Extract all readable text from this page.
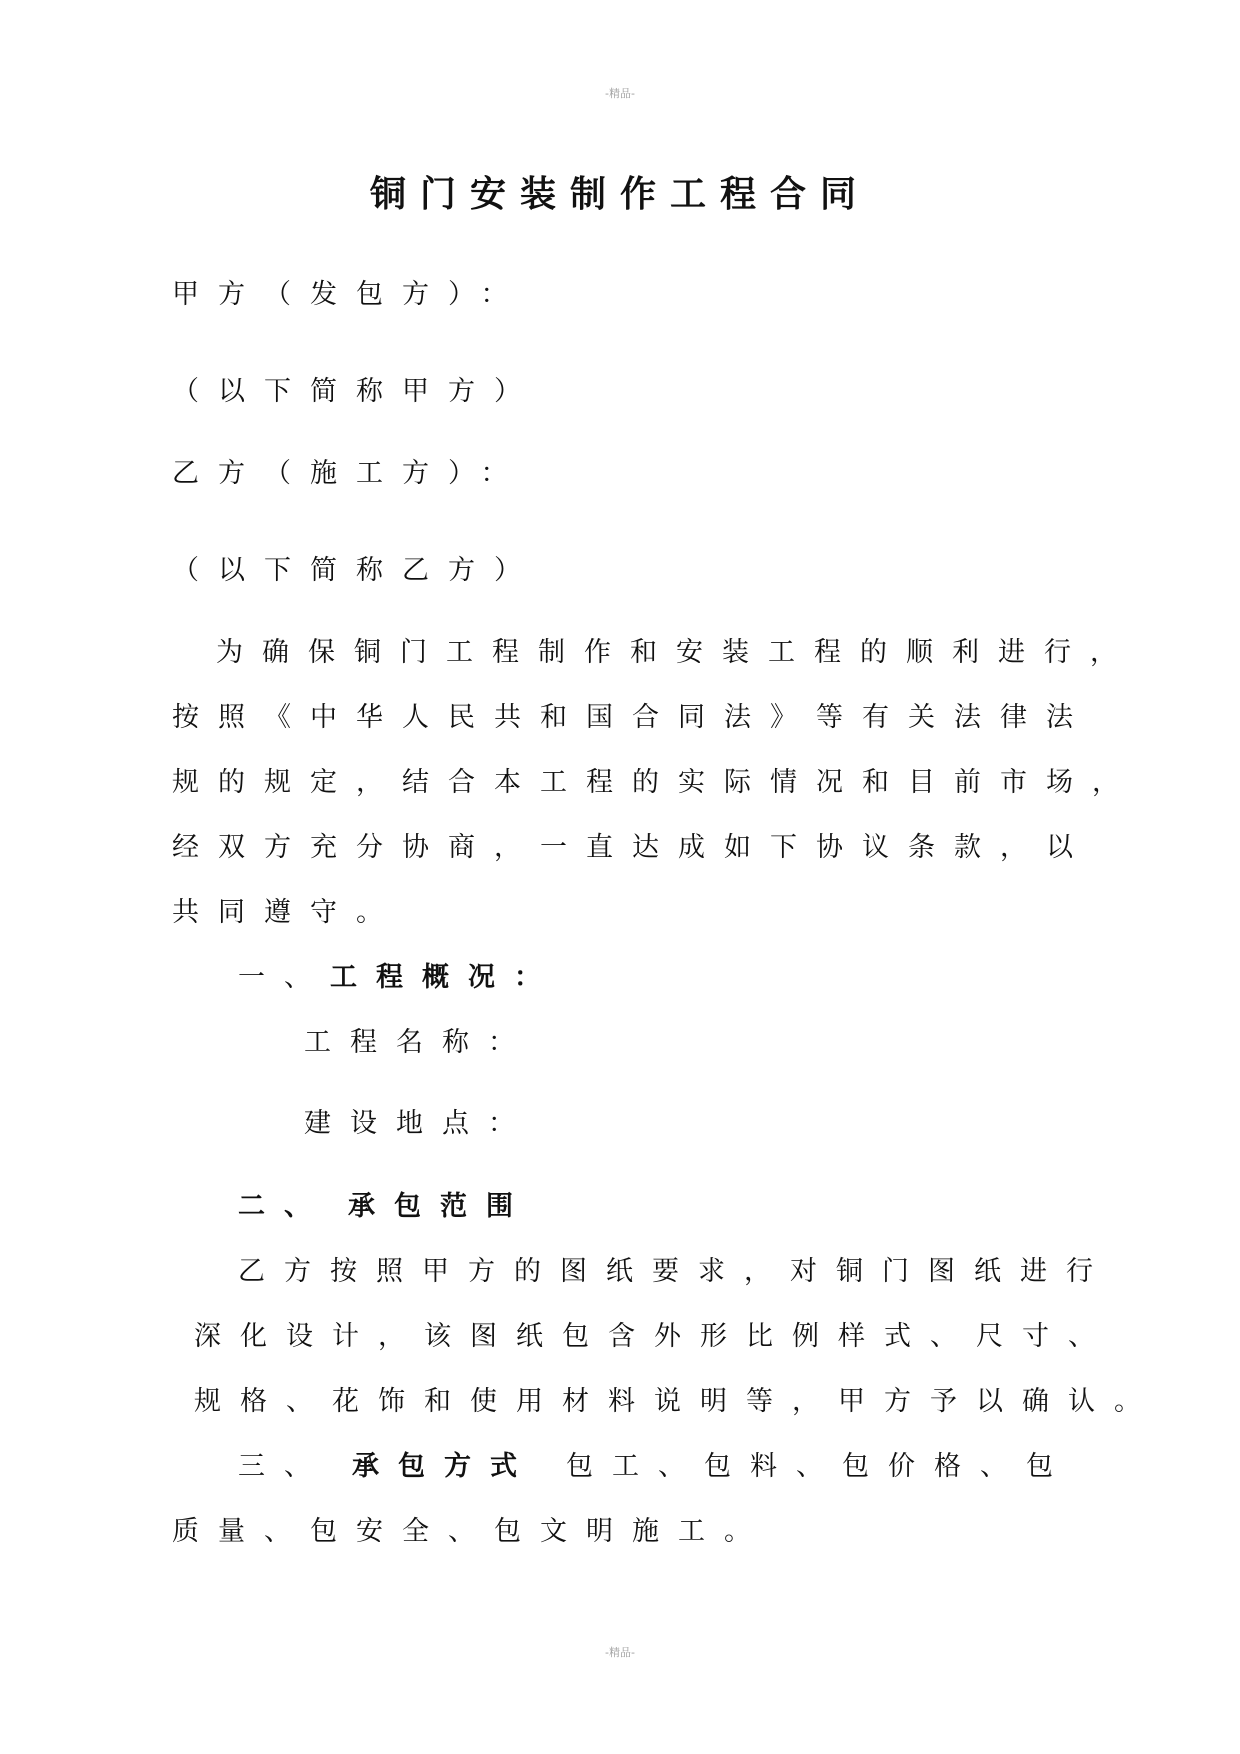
-精品-
铜门安装制作工程合同
甲方（发包方）：
（以下简称甲方）
乙方（施工方）：
（以下简称乙方）
为确保铜门工程制作和安装工程的顺利进行，
按照《中华人民共和国合同法》等有关法律法
规的规定，结合本工程的实际情况和目前市场，
经双方充分协商，一直达成如下协议条款，以
共同遵守。
一、工程概况：
工程名称：
建设地点：
二、 承包范围
乙方按照甲方的图纸要求，对铜门图纸进行
深化设计，该图纸包含外形比例样式、尺寸、
规格、花饰和使用材料说明等，甲方予以确认。
三、 承包方式 包工、包料、包价格、包
质量、包安全、包文明施工。
-精品-
